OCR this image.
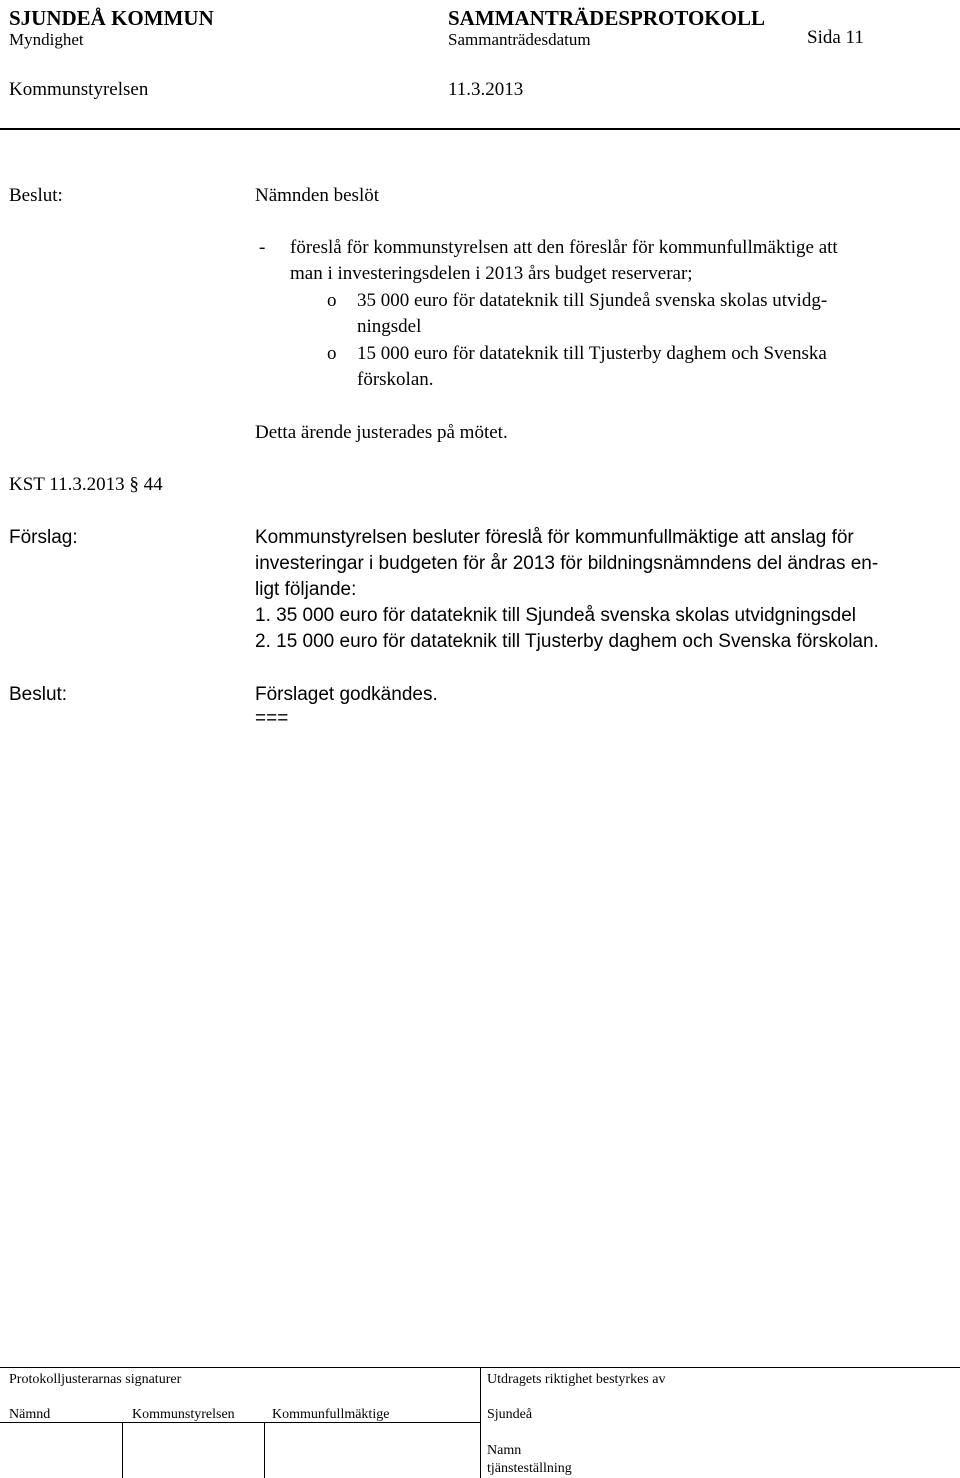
SJUNDEÅ KOMMUN	SAMMANTRÄDESPROTOKOLL
Myndighet	Sammanträdesdatum	Sida 11
Kommunstyrelsen	11.3.2013
Beslut:	Nämnden beslöt
- föreslå för kommunstyrelsen att den föreslår för kommunfullmäktige att
man i investeringsdelen i 2013 års budget reserverar;
o 35 000 euro för datateknik till Sjundeå svenska skolas utvidg-
ningsdel
o 15 000 euro för datateknik till Tjusterby daghem och Svenska
förskolan.
Detta ärende justerades på mötet.
KST 11.3.2013 § 44
Förslag:	Kommunstyrelsen besluter föreslå för kommunfullmäktige att anslag för
investeringar i budgeten för år 2013 för bildningsnämndens del ändras en-
ligt följande:
1. 35 000 euro för datateknik till Sjundeå svenska skolas utvidgningsdel
2. 15 000 euro för datateknik till Tjusterby daghem och Svenska förskolan.
Beslut:	Förslaget godkändes.
===
Protokolljusterarnas signaturer	Utdragets riktighet bestyrkes av
Nämnd	Kommunstyrelsen	Kommunfullmäktige	Sjundeå
Namn
tjänsteställning
